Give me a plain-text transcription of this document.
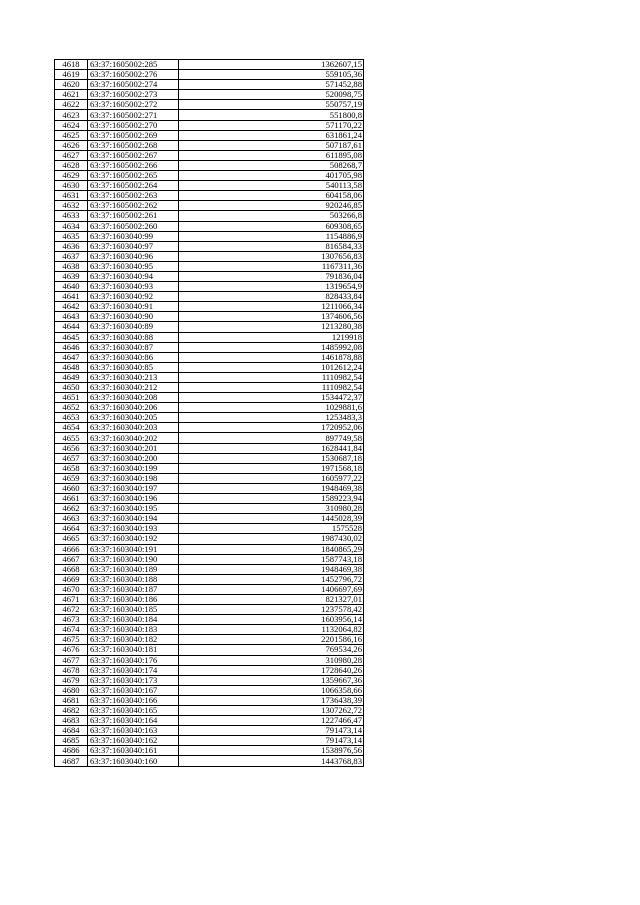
4618	63:37:1605002:285	1362607,15
4619	63:37:1605002:276	559105,36
4620	63:37:1605002:274	571452,88
4621	63:37:1605002:273	520098,75
4622	63:37:1605002:272	550757,19
4623	63:37:1605002:271	551800,8
4624	63:37:1605002:270	571170,22
4625	63:37:1605002:269	631861,24
4626	63:37:1605002:268	507187,61
4627	63:37:1605002:267	611895,08
4628	63:37:1605002:266	508268,7
4629	63:37:1605002:265	401705,98
4630	63:37:1605002:264	540113,58
4631	63:37:1605002:263	604158,06
4632	63:37:1605002:262	920246,85
4633	63:37:1605002:261	503266,8
4634	63:37:1605002:260	609308,65
4635	63:37:1603040:99	1154886,9
4636	63:37:1603040:97	816584,33
4637	63:37:1603040:96	1307656,83
4638	63:37:1603040:95	1167311,36
4639	63:37:1603040:94	791836,04
4640	63:37:1603040:93	1319654,9
4641	63:37:1603040:92	828433,84
4642	63:37:1603040:91	1211066,34
4643	63:37:1603040:90	1374606,56
4644	63:37:1603040:89	1213280,38
4645	63:37:1603040:88	1219918
4646	63:37:1603040:87	1485992,08
4647	63:37:1603040:86	1461878,88
4648	63:37:1603040:85	1012612,24
4649	63:37:1603040:213	1110982,54
4650	63:37:1603040:212	1110982,54
4651	63:37:1603040:208	1534472,37
4652	63:37:1603040:206	1029881,6
4653	63:37:1603040:205	1253483,3
4654	63:37:1603040:203	1720952,06
4655	63:37:1603040:202	897749,58
4656	63:37:1603040:201	1628441,84
4657	63:37:1603040:200	1530687,18
4658	63:37:1603040:199	1971568,18
4659	63:37:1603040:198	1605977,22
4660	63:37:1603040:197	1948469,38
4661	63:37:1603040:196	1589223,94
4662	63:37:1603040:195	310980,28
4663	63:37:1603040:194	1445028,39
4664	63:37:1603040:193	1575528
4665	63:37:1603040:192	1987430,02
4666	63:37:1603040:191	1840865,29
4667	63:37:1603040:190	1587743,18
4668	63:37:1603040:189	1948469,38
4669	63:37:1603040:188	1452796,72
4670	63:37:1603040:187	1406697,69
4671	63:37:1603040:186	821327,01
4672	63:37:1603040:185	1237578,42
4673	63:37:1603040:184	1603956,14
4674	63:37:1603040:183	1132064,82
4675	63:37:1603040:182	2201586,16
4676	63:37:1603040:181	769534,26
4677	63:37:1603040:176	310980,28
4678	63:37:1603040:174	1728640,26
4679	63:37:1603040:173	1359667,36
4680	63:37:1603040:167	1066358,66
4681	63:37:1603040:166	1736438,39
4682	63:37:1603040:165	1307262,72
4683	63:37:1603040:164	1227466,47
4684	63:37:1603040:163	791473,14
4685	63:37:1603040:162	791473,14
4686	63:37:1603040:161	1538976,56
4687	63:37:1603040:160	1443768,83
